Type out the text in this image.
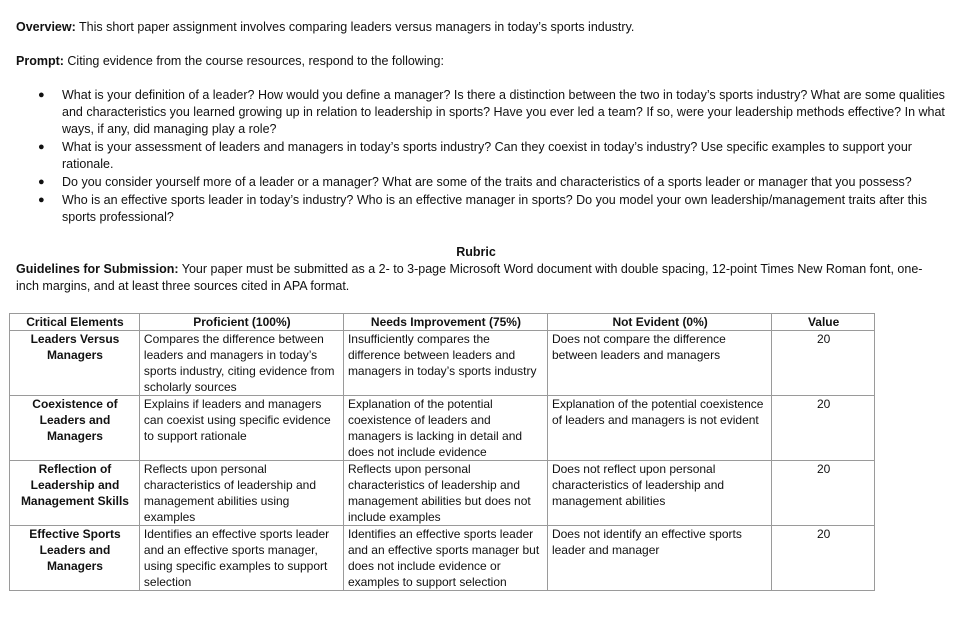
Overview: This short paper assignment involves comparing leaders versus managers in today’s sports industry.

Prompt: Citing evidence from the course resources, respond to the following:

● What is your definition of a leader? How would you define a manager? Is there a distinction between the two in today’s sports industry? What are some qualities and characteristics you learned growing up in relation to leadership in sports? Have you ever led a team? If so, were your leadership methods effective? In what ways, if any, did managing play a role?
● What is your assessment of leaders and managers in today’s sports industry? Can they coexist in today’s industry? Use specific examples to support your rationale.
● Do you consider yourself more of a leader or a manager? What are some of the traits and characteristics of a sports leader or manager that you possess?
● Who is an effective sports leader in today’s industry? Who is an effective manager in sports? Do you model your own leadership/management traits after this sports professional?
Rubric

Guidelines for Submission: Your paper must be submitted as a 2- to 3-page Microsoft Word document with double spacing, 12-point Times New Roman font, one-inch margins, and at least three sources cited in APA format.

Critical Elements	Proficient (100%)	Needs Improvement (75%)	Not Evident (0%)	Value
Leaders Versus Managers	Compares the difference between leaders and managers in today’s sports industry, citing evidence from scholarly sources	Insufficiently compares the difference between leaders and managers in today’s sports industry	Does not compare the difference between leaders and managers	20
Coexistence of Leaders and Managers	Explains if leaders and managers can coexist using specific evidence to support rationale	Explanation of the potential coexistence of leaders and managers is lacking in detail and does not include evidence	Explanation of the potential coexistence of leaders and managers is not evident	20
Reflection of Leadership and Management Skills	Reflects upon personal characteristics of leadership and management abilities using examples	Reflects upon personal characteristics of leadership and management abilities but does not include examples	Does not reflect upon personal characteristics of leadership and management abilities	20
Effective Sports Leaders and Managers	Identifies an effective sports leader and an effective sports manager, using specific examples to support selection	Identifies an effective sports leader and an effective sports manager but does not include evidence or examples to support selection	Does not identify an effective sports leader and manager	20
